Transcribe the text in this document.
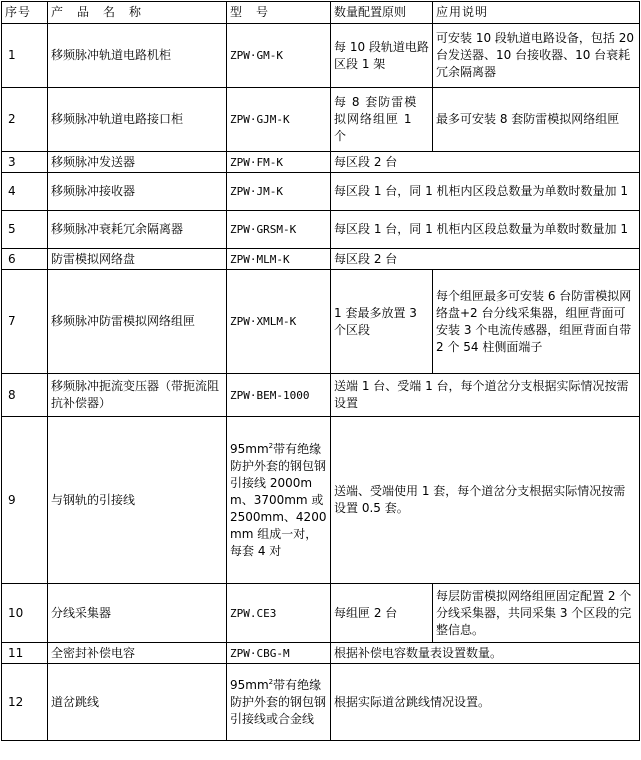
序号	产　品　名　称	型　号	数量配置原则	应用说明
1	移频脉冲轨道电路机柜	ZPW·GM-K	每 10 段轨道电路区段 1 架	可安装 10 段轨道电路设备，包括 20 台发送器、10 台接收器、10 台衰耗冗余隔离器
2	移频脉冲轨道电路接口柜	ZPW·GJM-K	每 8 套防雷模拟网络组匣 1 个	最多可安装 8 套防雷模拟网络组匣
3	移频脉冲发送器	ZPW·FM-K	每区段 2 台	
4	移频脉冲接收器	ZPW·JM-K	每区段 1 台，同 1 机柜内区段总数量为单数时数量加 1	
5	移频脉冲衰耗冗余隔离器	ZPW·GRSM-K	每区段 1 台，同 1 机柜内区段总数量为单数时数量加 1	
6	防雷模拟网络盘	ZPW·MLM-K	每区段 2 台	
7	移频脉冲防雷模拟网络组匣	ZPW·XMLM-K	1 套最多放置 3 个区段	每个组匣最多可安装 6 台防雷模拟网络盘+2 台分线采集器，组匣背面可安装 3 个电流传感器，组匣背面自带 2 个 54 柱侧面端子
8	移频脉冲扼流变压器（带扼流阻抗补偿器）	ZPW·BEM-1000	送端 1 台、受端 1 台，每个道岔分支根据实际情况按需设置	
9	与钢轨的引接线	$95mm^2$带有绝缘防护外套的钢包钢引接线 2000mm、3700mm 或 2500mm、4200mm 组成一对，每套 4 对	送端、受端使用 1 套，每个道岔分支根据实际情况按需设置 0.5 套。	
10	分线采集器	ZPW.CE3	每组匣 2 台	每层防雷模拟网络组匣固定配置 2 个分线采集器，共同采集 3 个区段的完整信息。
11	全密封补偿电容	ZPW·CBG-M	根据补偿电容数量表设置数量。	
12	道岔跳线	$95mm^2$带有绝缘防护外套的钢包钢引接线或合金线	根据实际道岔跳线情况设置。	
